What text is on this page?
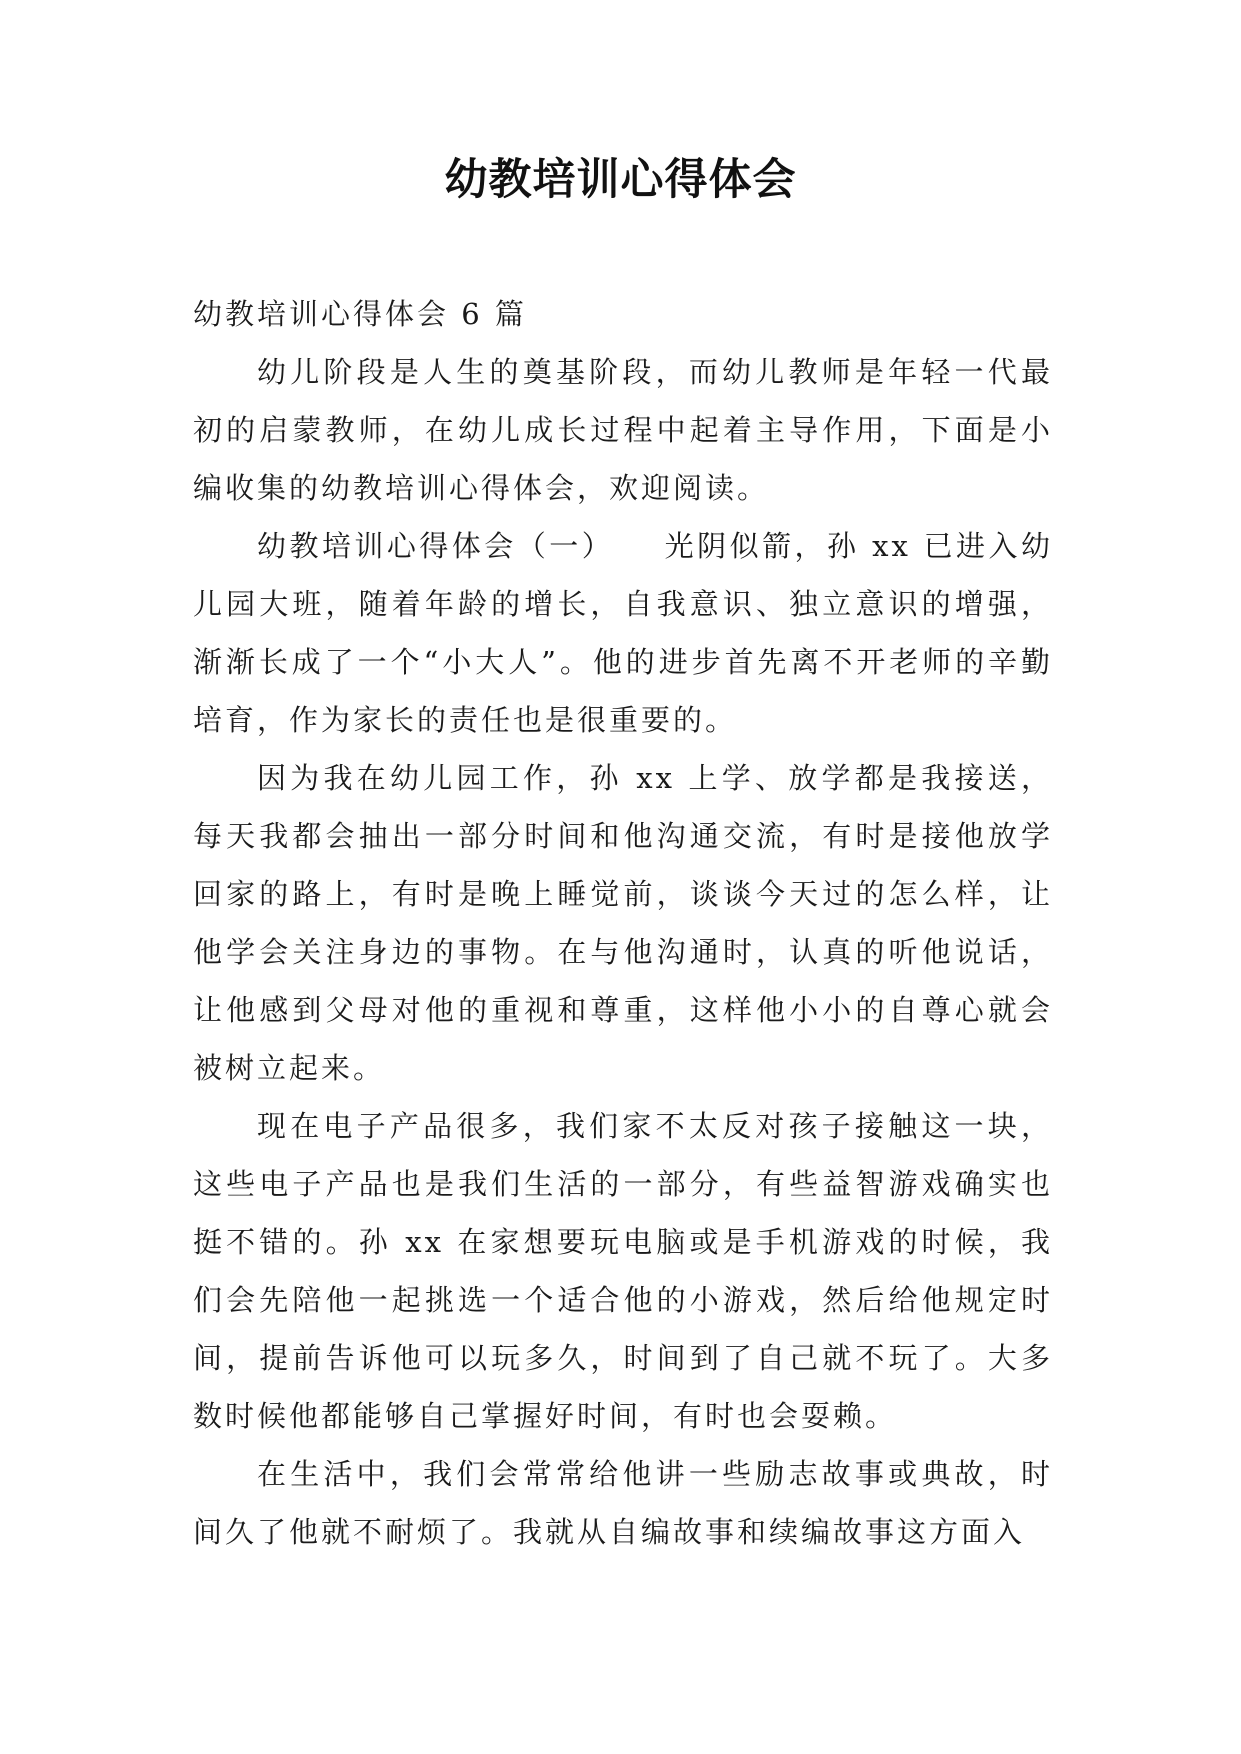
幼教培训心得体会

幼教培训心得体会 6 篇

幼儿阶段是人生的奠基阶段，而幼儿教师是年轻一代最初的启蒙教师，在幼儿成长过程中起着主导作用，下面是小编收集的幼教培训心得体会，欢迎阅读。

幼教培训心得体会（一）　　光阴似箭，孙 xx 已进入幼儿园大班，随着年龄的增长，自我意识、独立意识的增强，渐渐长成了一个“小大人”。他的进步首先离不开老师的辛勤培育，作为家长的责任也是很重要的。

因为我在幼儿园工作，孙 xx 上学、放学都是我接送，每天我都会抽出一部分时间和他沟通交流，有时是接他放学回家的路上，有时是晚上睡觉前，谈谈今天过的怎么样，让他学会关注身边的事物。在与他沟通时，认真的听他说话，让他感到父母对他的重视和尊重，这样他小小的自尊心就会被树立起来。

现在电子产品很多，我们家不太反对孩子接触这一块，这些电子产品也是我们生活的一部分，有些益智游戏确实也挺不错的。孙 xx 在家想要玩电脑或是手机游戏的时候，我们会先陪他一起挑选一个适合他的小游戏，然后给他规定时间，提前告诉他可以玩多久，时间到了自己就不玩了。大多数时候他都能够自己掌握好时间，有时也会耍赖。

在生活中，我们会常常给他讲一些励志故事或典故，时间久了他就不耐烦了。我就从自编故事和续编故事这方面入
